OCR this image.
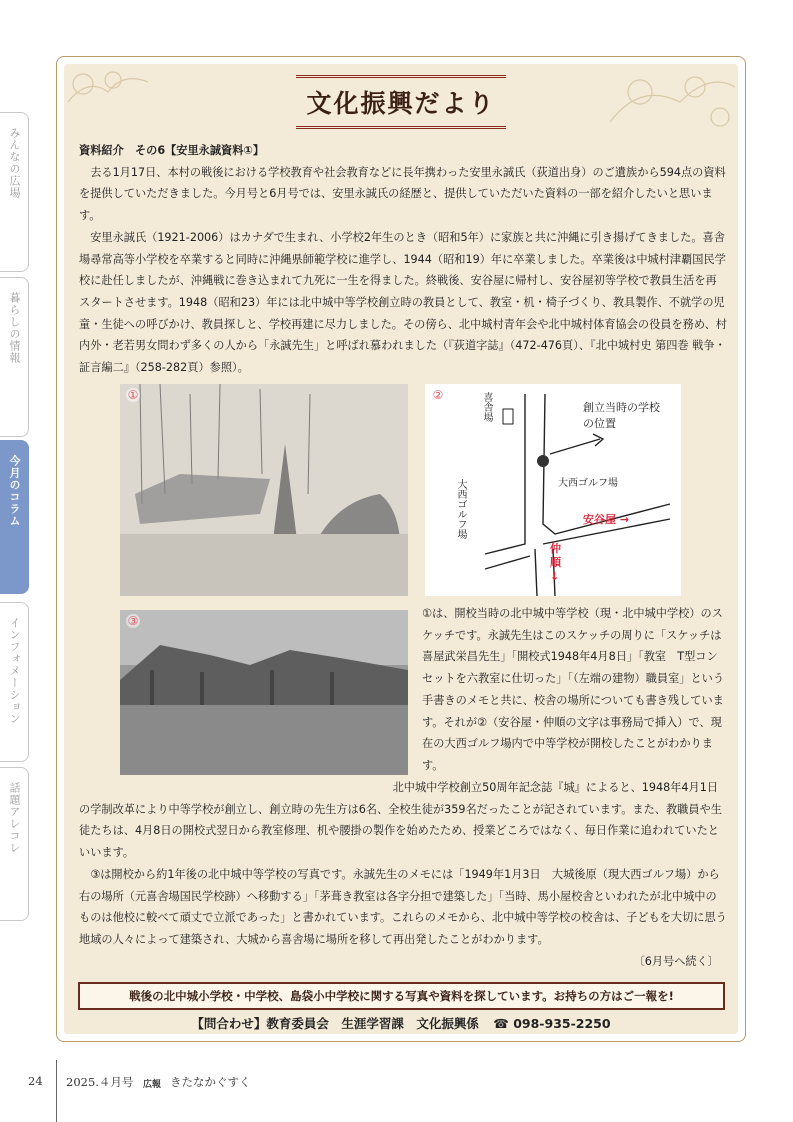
みんなの広場
暮らしの情報
今月のコラム
インフォメーション
話題アレコレ
文化振興だより
資料紹介　その6【安里永誠資料①】

去る1月17日、本村の戦後における学校教育や社会教育などに長年携わった安里永誠氏（荻道出身）のご遺族から594点の資料を提供していただきました。今月号と6月号では、安里永誠氏の経歴と、提供していただいた資料の一部を紹介したいと思います。

安里永誠氏（1921-2006）はカナダで生まれ、小学校2年生のとき（昭和5年）に家族と共に沖縄に引き揚げてきました。喜舎場尋常高等小学校を卒業すると同時に沖縄県師範学校に進学し、1944（昭和19）年に卒業しました。卒業後は中城村津覇国民学校に赴任しましたが、沖縄戦に巻き込まれて九死に一生を得ました。終戦後、安谷屋に帰村し、安谷屋初等学校で教員生活を再スタートさせます。1948（昭和23）年には北中城中等学校創立時の教員として、教室・机・椅子づくり、教具製作、不就学の児童・生徒への呼びかけ、教員探しと、学校再建に尽力しました。その傍ら、北中城村青年会や北中城村体育協会の役員を務め、村内外・老若男女問わず多くの人から「永誠先生」と呼ばれ慕われました（『荻道字誌』（472-476頁）、『北中城村史 第四巻 戦争・証言編二』（258-282頁）参照）。

①	②	喜舎場	創立当時の学校の位置
大西ゴルフ場	大西ゴルフ場
安谷屋 →
仲順
↓
③

①は、開校当時の北中城中等学校（現・北中城中学校）のスケッチです。永誠先生はこのスケッチの周りに「スケッチは喜屋武栄昌先生」「開校式1948年4月8日」「教室　T型コンセットを六教室に仕切った」「（左端の建物）職員室」という手書きのメモと共に、校舎の場所についても書き残しています。それが②（安谷屋・仲順の文字は事務局で挿入）で、現在の大西ゴルフ場内で中等学校が開校したことがわかります。

北中城中学校創立50周年記念誌『城』によると、1948年4月1日の学制改革により中等学校が創立し、創立時の先生方は6名、全校生徒が359名だったことが記されています。また、教職員や生徒たちは、4月8日の開校式翌日から教室修理、机や腰掛の製作を始めたため、授業どころではなく、毎日作業に追われていたといいます。

③は開校から約1年後の北中城中等学校の写真です。永誠先生のメモには「1949年1月3日　大城後原（現大西ゴルフ場）から右の場所（元喜舎場国民学校跡）へ移動する」「茅葺き教室は各字分担で建築した」「当時、馬小屋校舎といわれたが北中城中のものは他校に較べて頑丈で立派であった」と書かれています。これらのメモから、北中城中等学校の校舎は、子どもを大切に思う地域の人々によって建築され、大城から喜舎場に場所を移して再出発したことがわかります。

〔6月号へ続く〕
戦後の北中城小学校・中学校、島袋小中学校に関する写真や資料を探しています。お持ちの方はご一報を!
【問合わせ】教育委員会　生涯学習課　文化振興係 ☎ 098-935-2250
24 2025.４月号 広報 きたなかぐすく
